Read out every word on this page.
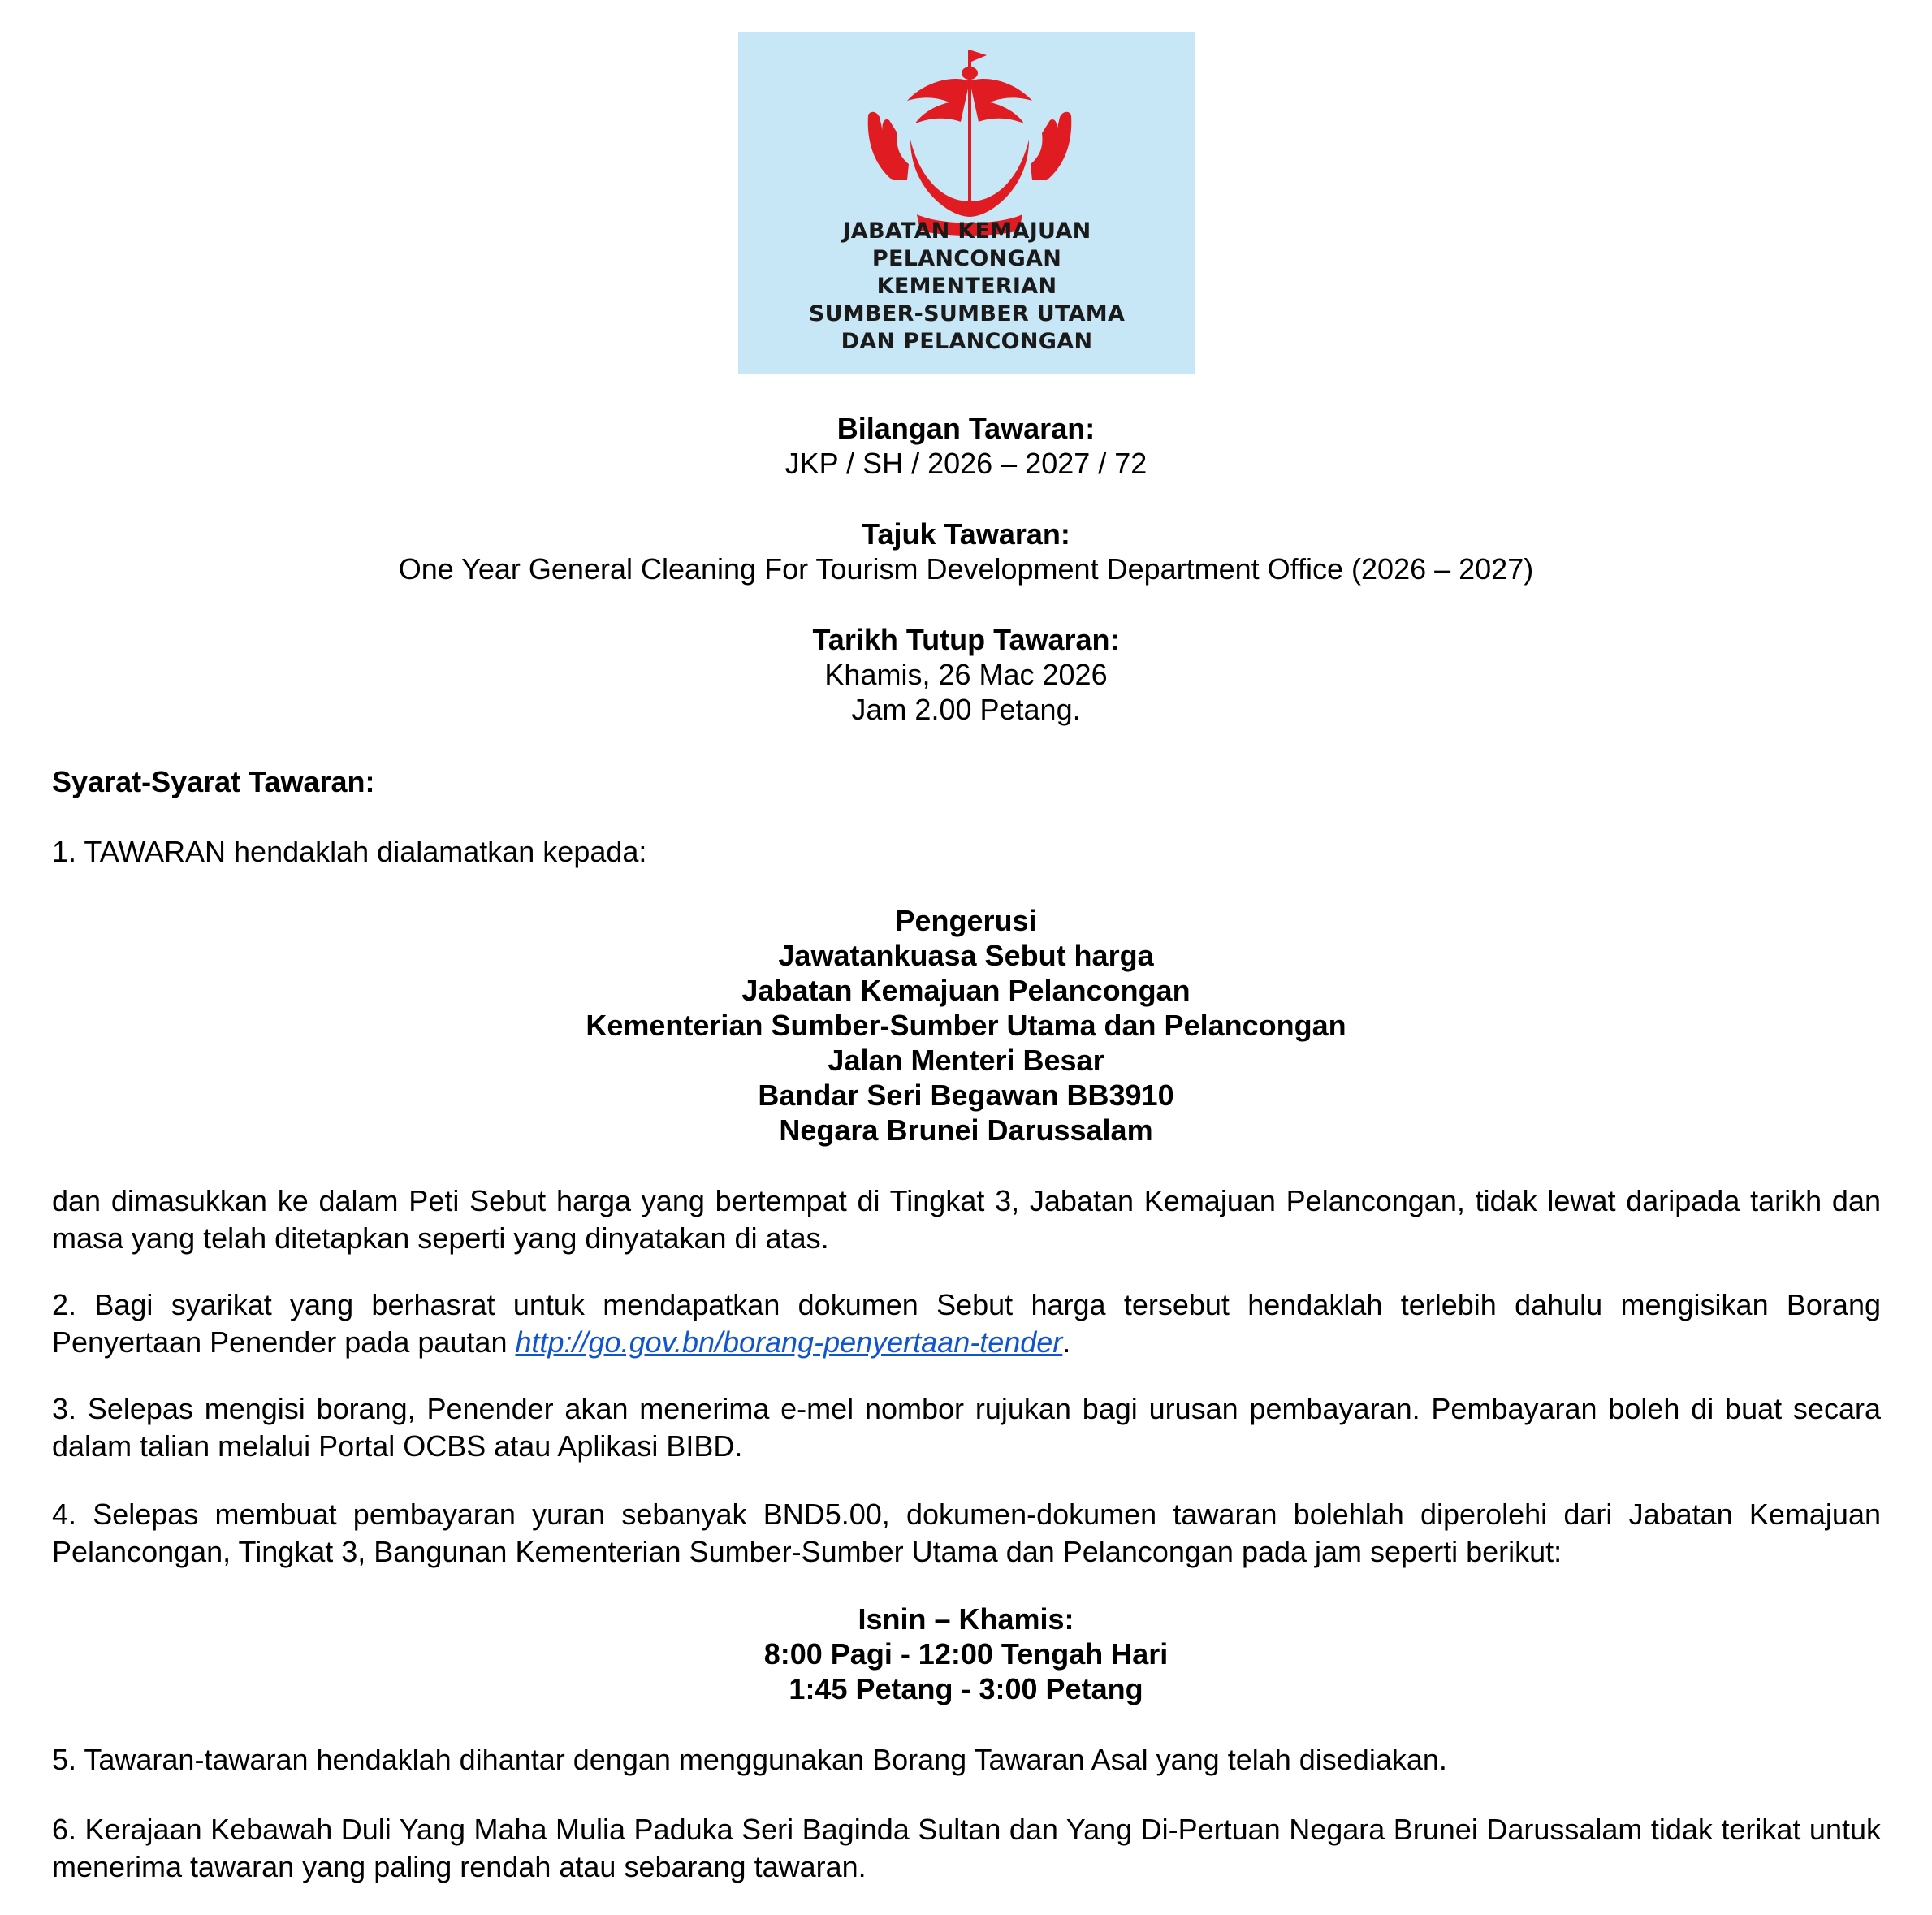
JABATAN KEMAJUAN
PELANCONGAN
KEMENTERIAN
SUMBER-SUMBER UTAMA
DAN PELANCONGAN
Bilangan Tawaran:
JKP / SH / 2026 – 2027 / 72
Tajuk Tawaran:
One Year General Cleaning For Tourism Development Department Office (2026 – 2027)
Tarikh Tutup Tawaran:
Khamis, 26 Mac 2026
Jam 2.00 Petang.
Syarat-Syarat Tawaran:
1. TAWARAN hendaklah dialamatkan kepada:
Pengerusi
Jawatankuasa Sebut harga
Jabatan Kemajuan Pelancongan
Kementerian Sumber-Sumber Utama dan Pelancongan
Jalan Menteri Besar
Bandar Seri Begawan BB3910
Negara Brunei Darussalam
dan dimasukkan ke dalam Peti Sebut harga yang bertempat di Tingkat 3, Jabatan Kemajuan Pelancongan, tidak lewat daripada tarikh dan masa yang telah ditetapkan seperti yang dinyatakan di atas.
2. Bagi syarikat yang berhasrat untuk mendapatkan dokumen Sebut harga tersebut hendaklah terlebih dahulu mengisikan Borang Penyertaan Penender pada pautan http://go.gov.bn/borang-penyertaan-tender.
3. Selepas mengisi borang, Penender akan menerima e-mel nombor rujukan bagi urusan pembayaran. Pembayaran boleh di buat secara dalam talian melalui Portal OCBS atau Aplikasi BIBD.
4. Selepas membuat pembayaran yuran sebanyak BND5.00, dokumen-dokumen tawaran bolehlah diperolehi dari Jabatan Kemajuan Pelancongan, Tingkat 3, Bangunan Kementerian Sumber-Sumber Utama dan Pelancongan pada jam seperti berikut:
Isnin – Khamis:
8:00 Pagi - 12:00 Tengah Hari
1:45 Petang - 3:00 Petang
5. Tawaran-tawaran hendaklah dihantar dengan menggunakan Borang Tawaran Asal yang telah disediakan.
6. Kerajaan Kebawah Duli Yang Maha Mulia Paduka Seri Baginda Sultan dan Yang Di-Pertuan Negara Brunei Darussalam tidak terikat untuk menerima tawaran yang paling rendah atau sebarang tawaran.
